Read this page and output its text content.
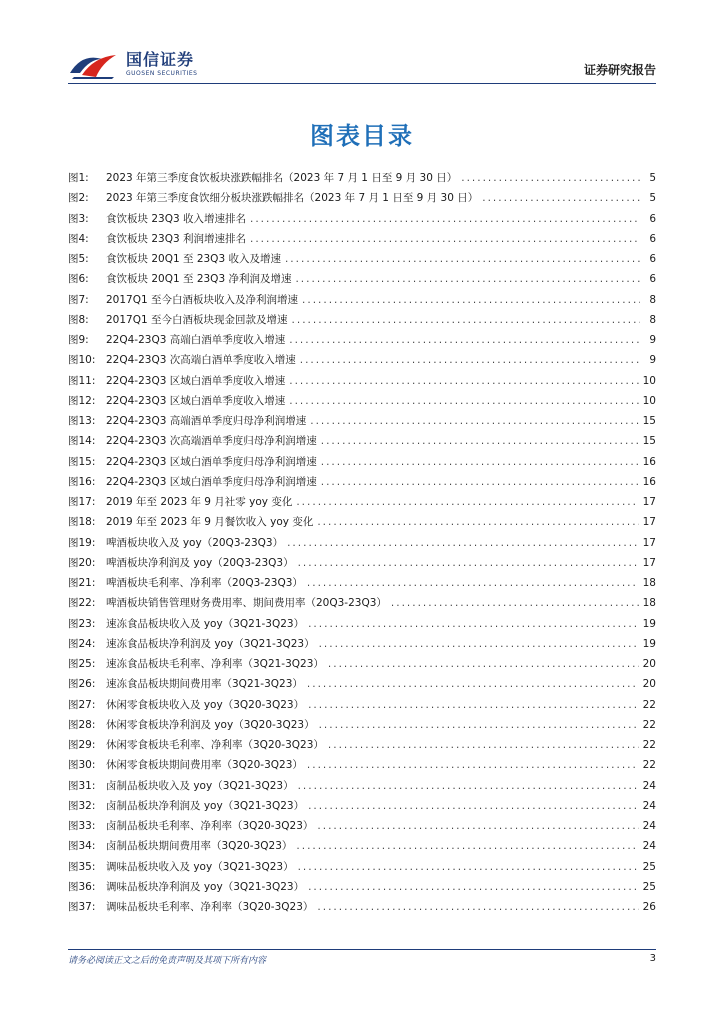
国信证券
GUOSEN SECURITIES	证券研究报告
图表目录
图1:	2023 年第三季度食饮板块涨跌幅排名（2023 年 7 月 1 日至 9 月 30 日） .....	5
图2:	2023 年第三季度食饮细分板块涨跌幅排名（2023 年 7 月 1 日至 9 月 30 日） .....	5
图3:	食饮板块 23Q3 收入增速排名 .....	6
图4:	食饮板块 23Q3 利润增速排名 .....	6
图5:	食饮板块 20Q1 至 23Q3 收入及增速 .....	6
图6:	食饮板块 20Q1 至 23Q3 净利润及增速 .....	6
图7:	2017Q1 至今白酒板块收入及净利润增速 .....	8
图8:	2017Q1 至今白酒板块现金回款及增速 .....	8
图9:	22Q4-23Q3 高端白酒单季度收入增速 .....	9
图10:	22Q4-23Q3 次高端白酒单季度收入增速 .....	9
图11:	22Q4-23Q3 区域白酒单季度收入增速 .....	10
图12:	22Q4-23Q3 区域白酒单季度收入增速 .....	10
图13:	22Q4-23Q3 高端酒单季度归母净利润增速 .....	15
图14:	22Q4-23Q3 次高端酒单季度归母净利润增速 .....	15
图15:	22Q4-23Q3 区域白酒单季度归母净利润增速 .....	16
图16:	22Q4-23Q3 区域白酒单季度归母净利润增速 .....	16
图17:	2019 年至 2023 年 9 月社零 yoy 变化 .....	17
图18:	2019 年至 2023 年 9 月餐饮收入 yoy 变化 .....	17
图19:	啤酒板块收入及 yoy（20Q3-23Q3） .....	17
图20:	啤酒板块净利润及 yoy（20Q3-23Q3） .....	17
图21:	啤酒板块毛利率、净利率（20Q3-23Q3） .....	18
图22:	啤酒板块销售管理财务费用率、期间费用率（20Q3-23Q3） .....	18
图23:	速冻食品板块收入及 yoy（3Q21-3Q23） .....	19
图24:	速冻食品板块净利润及 yoy（3Q21-3Q23） .....	19
图25:	速冻食品板块毛利率、净利率（3Q21-3Q23） .....	20
图26:	速冻食品板块期间费用率（3Q21-3Q23） .....	20
图27:	休闲零食板块收入及 yoy（3Q20-3Q23） .....	22
图28:	休闲零食板块净利润及 yoy（3Q20-3Q23） .....	22
图29:	休闲零食板块毛利率、净利率（3Q20-3Q23） .....	22
图30:	休闲零食板块期间费用率（3Q20-3Q23） .....	22
图31:	卤制品板块收入及 yoy（3Q21-3Q23） .....	24
图32:	卤制品板块净利润及 yoy（3Q21-3Q23） .....	24
图33:	卤制品板块毛利率、净利率（3Q20-3Q23） .....	24
图34:	卤制品板块期间费用率（3Q20-3Q23） .....	24
图35:	调味品板块收入及 yoy（3Q21-3Q23） .....	25
图36:	调味品板块净利润及 yoy（3Q21-3Q23） .....	25
图37:	调味品板块毛利率、净利率（3Q20-3Q23） .....	26
请务必阅读正文之后的免责声明及其项下所有内容	3
